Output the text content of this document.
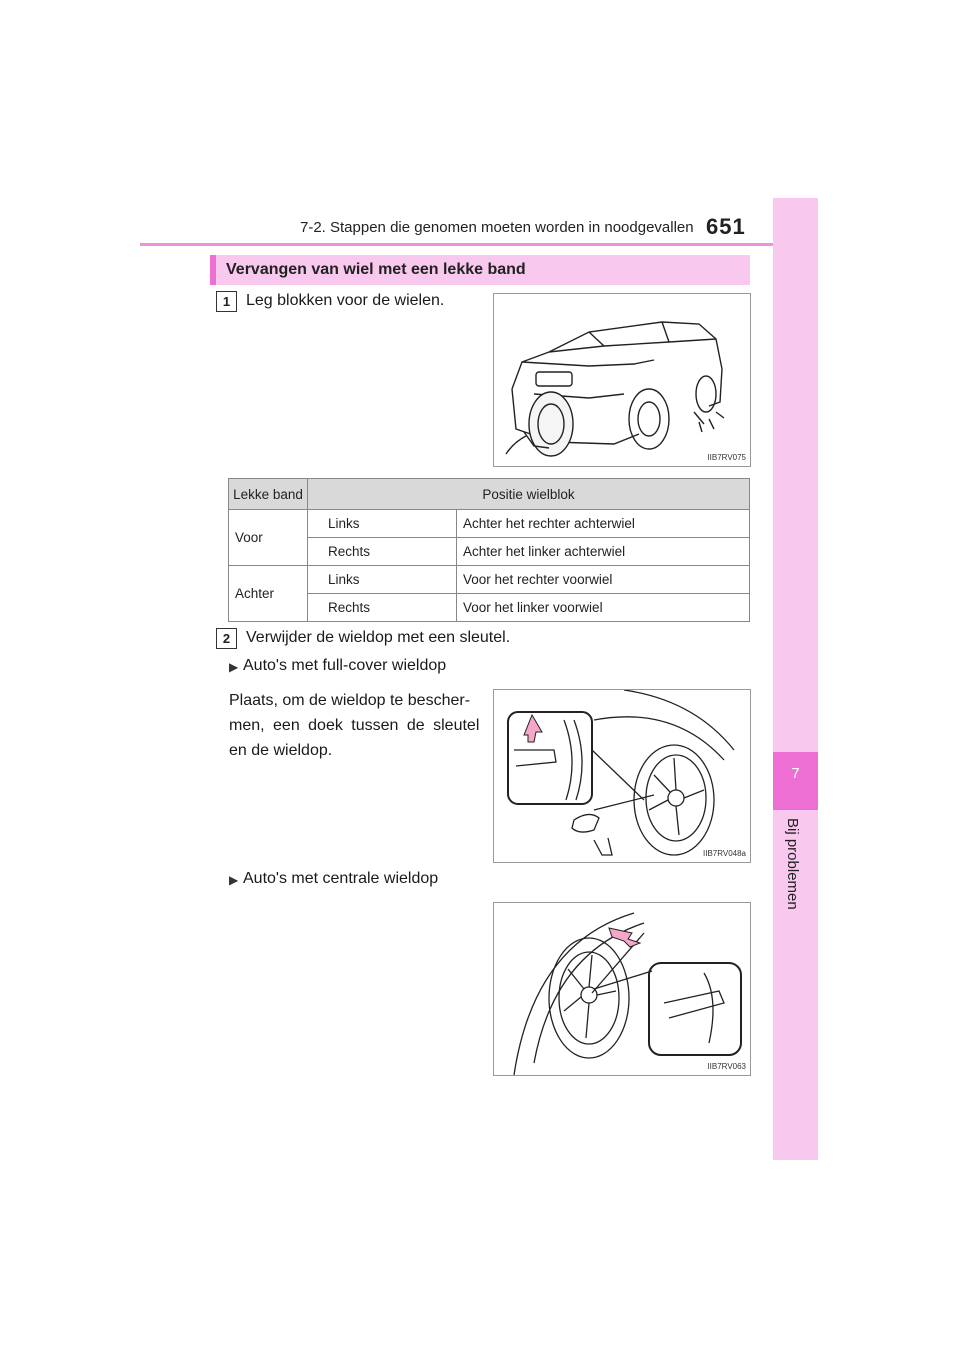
7-2. Stappen die genomen moeten worden in noodgevallen 651
7
Bij problemen
Vervangen van wiel met een lekke band
1 Leg blokken voor de wielen.
IIB7RV075
Lekke band	Positie wielblok	
Voor	Links	Achter het rechter achterwiel
	Rechts	Achter het linker achterwiel
Achter	Links	Voor het rechter voorwiel
	Rechts	Voor het linker voorwiel
2 Verwijder de wieldop met een sleutel.
▶ Auto's met full-cover wieldop
Plaats, om de wieldop te bescher-
men, een doek tussen de sleutel
en de wieldop.
IIB7RV048a
▶ Auto's met centrale wieldop
IIB7RV063
